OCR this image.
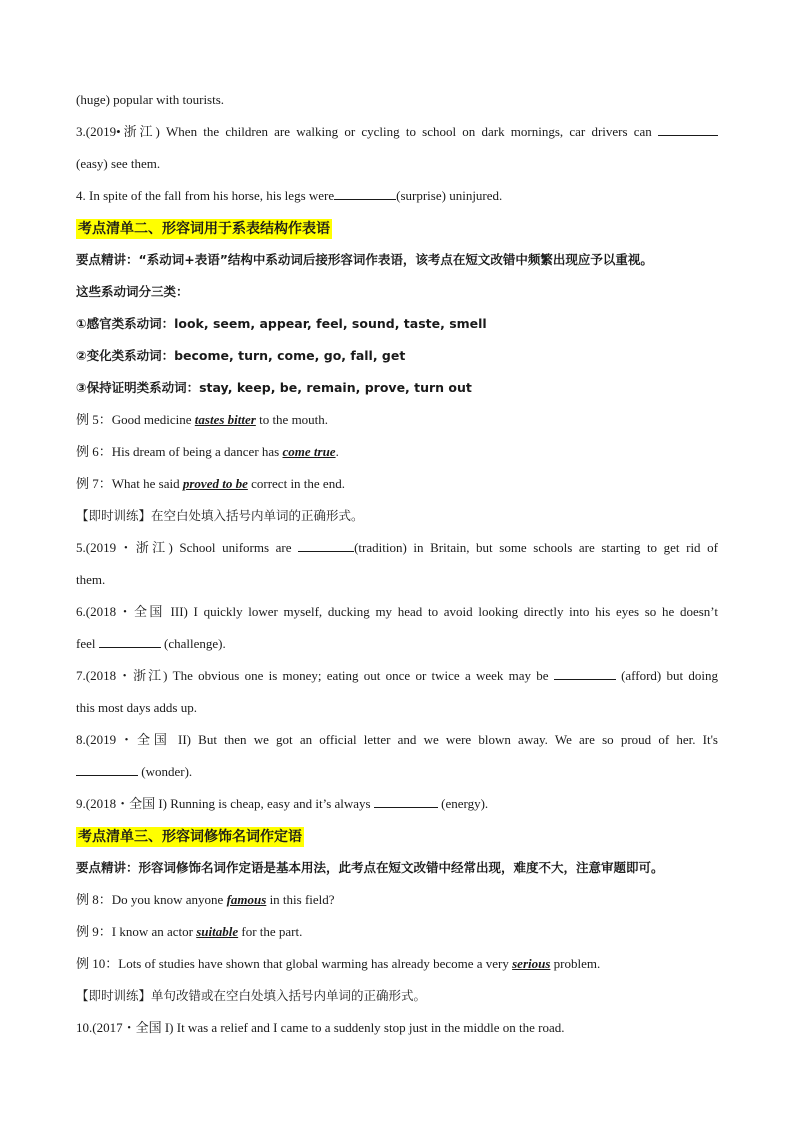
(huge) popular with tourists.
3.(2019•浙江) When the children are walking or cycling to school on dark mornings, car drivers can
(easy) see them.
4. In spite of the fall from his horse, his legs were	(surprise) uninjured.
考点清单二、形容词用于系表结构作表语
要点精讲：“系动词+表语”结构中系动词后接形容词作表语，该考点在短文改错中频繁出现应予以重视。
这些系动词分三类：
①感官类系动词：look, seem, appear, feel, sound, taste, smell
②变化类系动词：become, turn, come, go, fall, get
③保持证明类系动词：stay, keep, be, remain, prove, turn out
例 5：Good medicine tastes bitter to the mouth.
例 6：His dream of being a dancer has come true.
例 7：What he said proved to be correct in the end.
【即时训练】在空白处填入括号内单词的正确形式。
5.(2019・浙江) School uniforms are	(tradition) in Britain, but some schools are starting to get rid of
them.
6.(2018・全国 III) I quickly lower myself, ducking my head to avoid looking directly into his eyes so he doesn’t
feel	(challenge).
7.(2018・浙江) The obvious one is money; eating out once or twice a week may be	(afford) but doing
this most days adds up.
8.(2019・全国 II) But then we got an official letter and we were blown away. We are so proud of her. It's
(wonder).
9.(2018・全国 I) Running is cheap, easy and it’s always	(energy).
考点清单三、形容词修饰名词作定语
要点精讲：形容词修饰名词作定语是基本用法，此考点在短文改错中经常出现，难度不大，注意审题即可。
例 8：Do you know anyone famous in this field?
例 9：I know an actor suitable for the part.
例 10：Lots of studies have shown that global warming has already become a very serious problem.
【即时训练】单句改错或在空白处填入括号内单词的正确形式。
10.(2017・全国 I) It was a relief and I came to a suddenly stop just in the middle on the road.
